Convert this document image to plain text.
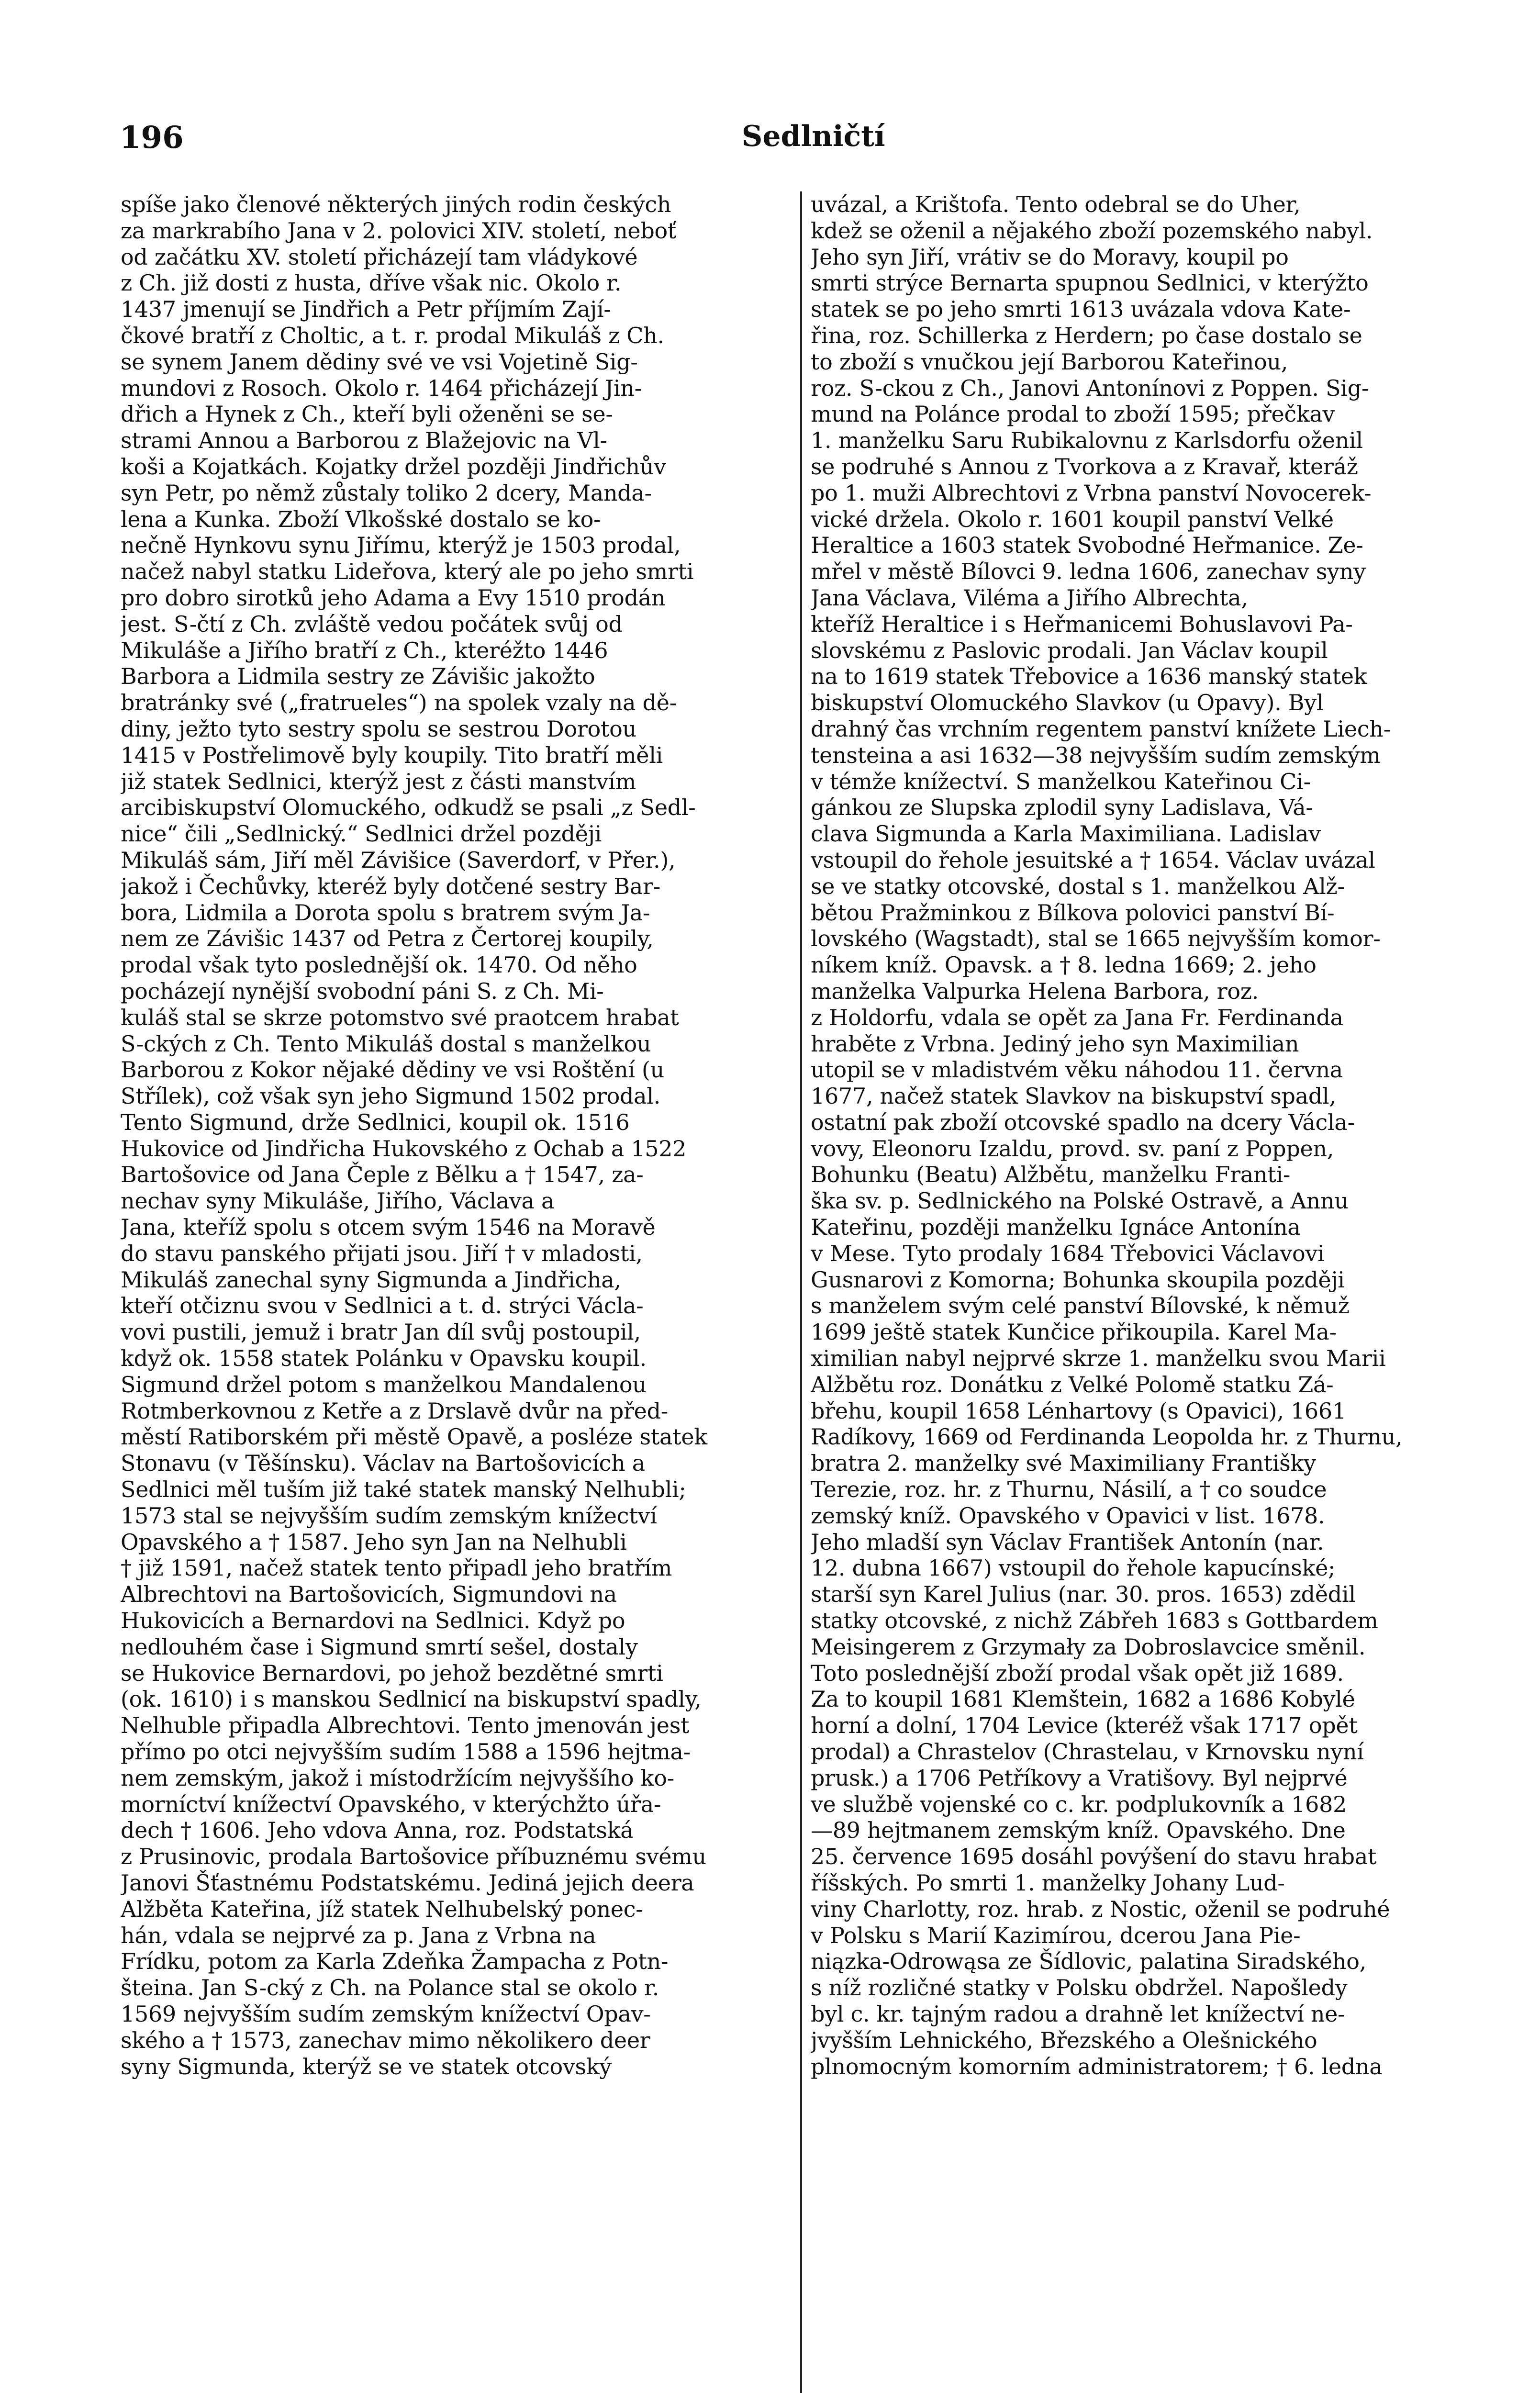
196	Sedlničtí
spíše jako členové některých jiných rodin českých
za markrabího Jana v 2. polovici XIV. století, neboť
od začátku XV. století přicházejí tam vládykové
z Ch. již dosti z husta, dříve však nic. Okolo r.
1437 jmenují se Jindřich a Petr příjmím Zají-
čkové bratří z Choltic, a t. r. prodal Mikuláš z Ch.
se synem Janem dědiny své ve vsi Vojetině Sig-
mundovi z Rosoch. Okolo r. 1464 přicházejí Jin-
dřich a Hynek z Ch., kteří byli oženěni se se-
strami Annou a Barborou z Blažejovic na Vl-
koši a Kojatkách. Kojatky držel později Jindřichův
syn Petr, po němž zůstaly toliko 2 dcery, Manda-
lena a Kunka. Zboží Vlkošské dostalo se ko-
nečně Hynkovu synu Jiřímu, kterýž je 1503 prodal,
načež nabyl statku Lideřova, který ale po jeho smrti
pro dobro sirotků jeho Adama a Evy 1510 prodán
jest. S-čtí z Ch. zvláště vedou počátek svůj od
Mikuláše a Jiřího bratří z Ch., kteréžto 1446
Barbora a Lidmila sestry ze Závišic jakožto
bratránky své („fratrueles“) na spolek vzaly na dě-
diny, ježto tyto sestry spolu se sestrou Dorotou
1415 v Postřelimově byly koupily. Tito bratří měli
již statek Sedlnici, kterýž jest z části manstvím
arcibiskupství Olomuckého, odkudž se psali „z Sedl-
nice“ čili „Sedlnický.“ Sedlnici držel později
Mikuláš sám, Jiří měl Závišice (Saverdorf, v Přer.),
jakož i Čechůvky, kteréž byly dotčené sestry Bar-
bora, Lidmila a Dorota spolu s bratrem svým Ja-
nem ze Závišic 1437 od Petra z Čertorej koupily,
prodal však tyto poslednější ok. 1470. Od něho
pocházejí nynější svobodní páni S. z Ch. Mi-
kuláš stal se skrze potomstvo své praotcem hrabat
S-ckých z Ch. Tento Mikuláš dostal s manželkou
Barborou z Kokor nějaké dědiny ve vsi Roštění (u
Střílek), což však syn jeho Sigmund 1502 prodal.
Tento Sigmund, drže Sedlnici, koupil ok. 1516
Hukovice od Jindřicha Hukovského z Ochab a 1522
Bartošovice od Jana Čeple z Bělku a † 1547, za-
nechav syny Mikuláše, Jiřího, Václava a
Jana, kteříž spolu s otcem svým 1546 na Moravě
do stavu panského přijati jsou. Jiří † v mladosti,
Mikuláš zanechal syny Sigmunda a Jindřicha,
kteří otčiznu svou v Sedlnici a t. d. strýci Václa-
vovi pustili, jemuž i bratr Jan díl svůj postoupil,
když ok. 1558 statek Polánku v Opavsku koupil.
Sigmund držel potom s manželkou Mandalenou
Rotmberkovnou z Ketře a z Drslavě dvůr na před-
městí Ratiborském při městě Opavě, a posléze statek
Stonavu (v Těšínsku). Václav na Bartošovicích a
Sedlnici měl tuším již také statek manský Nelhubli;
1573 stal se nejvyšším sudím zemským knížectví
Opavského a † 1587. Jeho syn Jan na Nelhubli
† již 1591, načež statek tento připadl jeho bratřím
Albrechtovi na Bartošovicích, Sigmundovi na
Hukovicích a Bernardovi na Sedlnici. Když po
nedlouhém čase i Sigmund smrtí sešel, dostaly
se Hukovice Bernardovi, po jehož bezdětné smrti
(ok. 1610) i s manskou Sedlnicí na biskupství spadly,
Nelhuble připadla Albrechtovi. Tento jmenován jest
přímo po otci nejvyšším sudím 1588 a 1596 hejtma-
nem zemským, jakož i místodržícím nejvyššího ko-
morníctví knížectví Opavského, v kterýchžto úřa-
dech † 1606. Jeho vdova Anna, roz. Podstatská
z Prusinovic, prodala Bartošovice příbuznému svému
Janovi Šťastnému Podstatskému. Jediná jejich deera
Alžběta Kateřina, jíž statek Nelhubelský ponec-
hán, vdala se nejprvé za p. Jana z Vrbna na
Frídku, potom za Karla Zdeňka Žampacha z Potn-
šteina. Jan S-cký z Ch. na Polance stal se okolo r.
1569 nejvyšším sudím zemským knížectví Opav-
ského a † 1573, zanechav mimo několikero deer
syny Sigmunda, kterýž se ve statek otcovský
uvázal, a Krištofa. Tento odebral se do Uher,
kdež se oženil a nějakého zboží pozemského nabyl.
Jeho syn Jiří, vrátiv se do Moravy, koupil po
smrti strýce Bernarta spupnou Sedlnici, v kterýžto
statek se po jeho smrti 1613 uvázala vdova Kate-
řina, roz. Schillerka z Herdern; po čase dostalo se
to zboží s vnučkou její Barborou Kateřinou,
roz. S-ckou z Ch., Janovi Antonínovi z Poppen. Sig-
mund na Polánce prodal to zboží 1595; přečkav
1. manželku Saru Rubikalovnu z Karlsdorfu oženil
se podruhé s Annou z Tvorkova a z Kravař, kteráž
po 1. muži Albrechtovi z Vrbna panství Novocerek-
vické držela. Okolo r. 1601 koupil panství Velké
Heraltice a 1603 statek Svobodné Heřmanice. Ze-
mřel v městě Bílovci 9. ledna 1606, zanechav syny
Jana Václava, Viléma a Jiřího Albrechta,
kteříž Heraltice i s Heřmanicemi Bohuslavovi Pa-
slovskému z Paslovic prodali. Jan Václav koupil
na to 1619 statek Třebovice a 1636 manský statek
biskupství Olomuckého Slavkov (u Opavy). Byl
drahný čas vrchním regentem panství knížete Liech-
tensteina a asi 1632—38 nejvyšším sudím zemským
v témže knížectví. S manželkou Kateřinou Ci-
gánkou ze Slupska zplodil syny Ladislava, Vá-
clava Sigmunda a Karla Maximiliana. Ladislav
vstoupil do řehole jesuitské a † 1654. Václav uvázal
se ve statky otcovské, dostal s 1. manželkou Alž-
bětou Pražminkou z Bílkova polovici panství Bí-
lovského (Wagstadt), stal se 1665 nejvyšším komor-
níkem kníž. Opavsk. a † 8. ledna 1669; 2. jeho
manželka Valpurka Helena Barbora, roz.
z Holdorfu, vdala se opět za Jana Fr. Ferdinanda
hraběte z Vrbna. Jediný jeho syn Maximilian
utopil se v mladistvém věku náhodou 11. června
1677, načež statek Slavkov na biskupství spadl,
ostatní pak zboží otcovské spadlo na dcery Václa-
vovy, Eleonoru Izaldu, provd. sv. paní z Poppen,
Bohunku (Beatu) Alžbětu, manželku Franti-
ška sv. p. Sedlnického na Polské Ostravě, a Annu
Kateřinu, později manželku Ignáce Antonína
v Mese. Tyto prodaly 1684 Třebovici Václavovi
Gusnarovi z Komorna; Bohunka skoupila později
s manželem svým celé panství Bílovské, k němuž
1699 ještě statek Kunčice přikoupila. Karel Ma-
ximilian nabyl nejprvé skrze 1. manželku svou Marii
Alžbětu roz. Donátku z Velké Polomě statku Zá-
břehu, koupil 1658 Lénhartovy (s Opavici), 1661
Radíkovy, 1669 od Ferdinanda Leopolda hr. z Thurnu,
bratra 2. manželky své Maximiliany Františky
Terezie, roz. hr. z Thurnu, Násilí, a † co soudce
zemský kníž. Opavského v Opavici v list. 1678.
Jeho mladší syn Václav František Antonín (nar.
12. dubna 1667) vstoupil do řehole kapucínské;
starší syn Karel Julius (nar. 30. pros. 1653) zdědil
statky otcovské, z nichž Zábřeh 1683 s Gottbardem
Meisingerem z Grzymały za Dobroslavcice směnil.
Toto poslednější zboží prodal však opět již 1689.
Za to koupil 1681 Klemštein, 1682 a 1686 Kobylé
horní a dolní, 1704 Levice (kteréž však 1717 opět
prodal) a Chrastelov (Chrastelau, v Krnovsku nyní
prusk.) a 1706 Petříkovy a Vratišovy. Byl nejprvé
ve službě vojenské co c. kr. podplukovník a 1682
—89 hejtmanem zemským kníž. Opavského. Dne
25. července 1695 dosáhl povýšení do stavu hrabat
říšských. Po smrti 1. manželky Johany Lud-
viny Charlotty, roz. hrab. z Nostic, oženil se podruhé
v Polsku s Marií Kazimírou, dcerou Jana Pie-
niązka-Odrowąsa ze Šídlovic, palatina Siradského,
s níž rozličné statky v Polsku obdržel. Napošledy
byl c. kr. tajným radou a drahně let knížectví ne-
jvyšším Lehnického, Březského a Olešnického
plnomocným komorním administratorem; † 6. ledna
